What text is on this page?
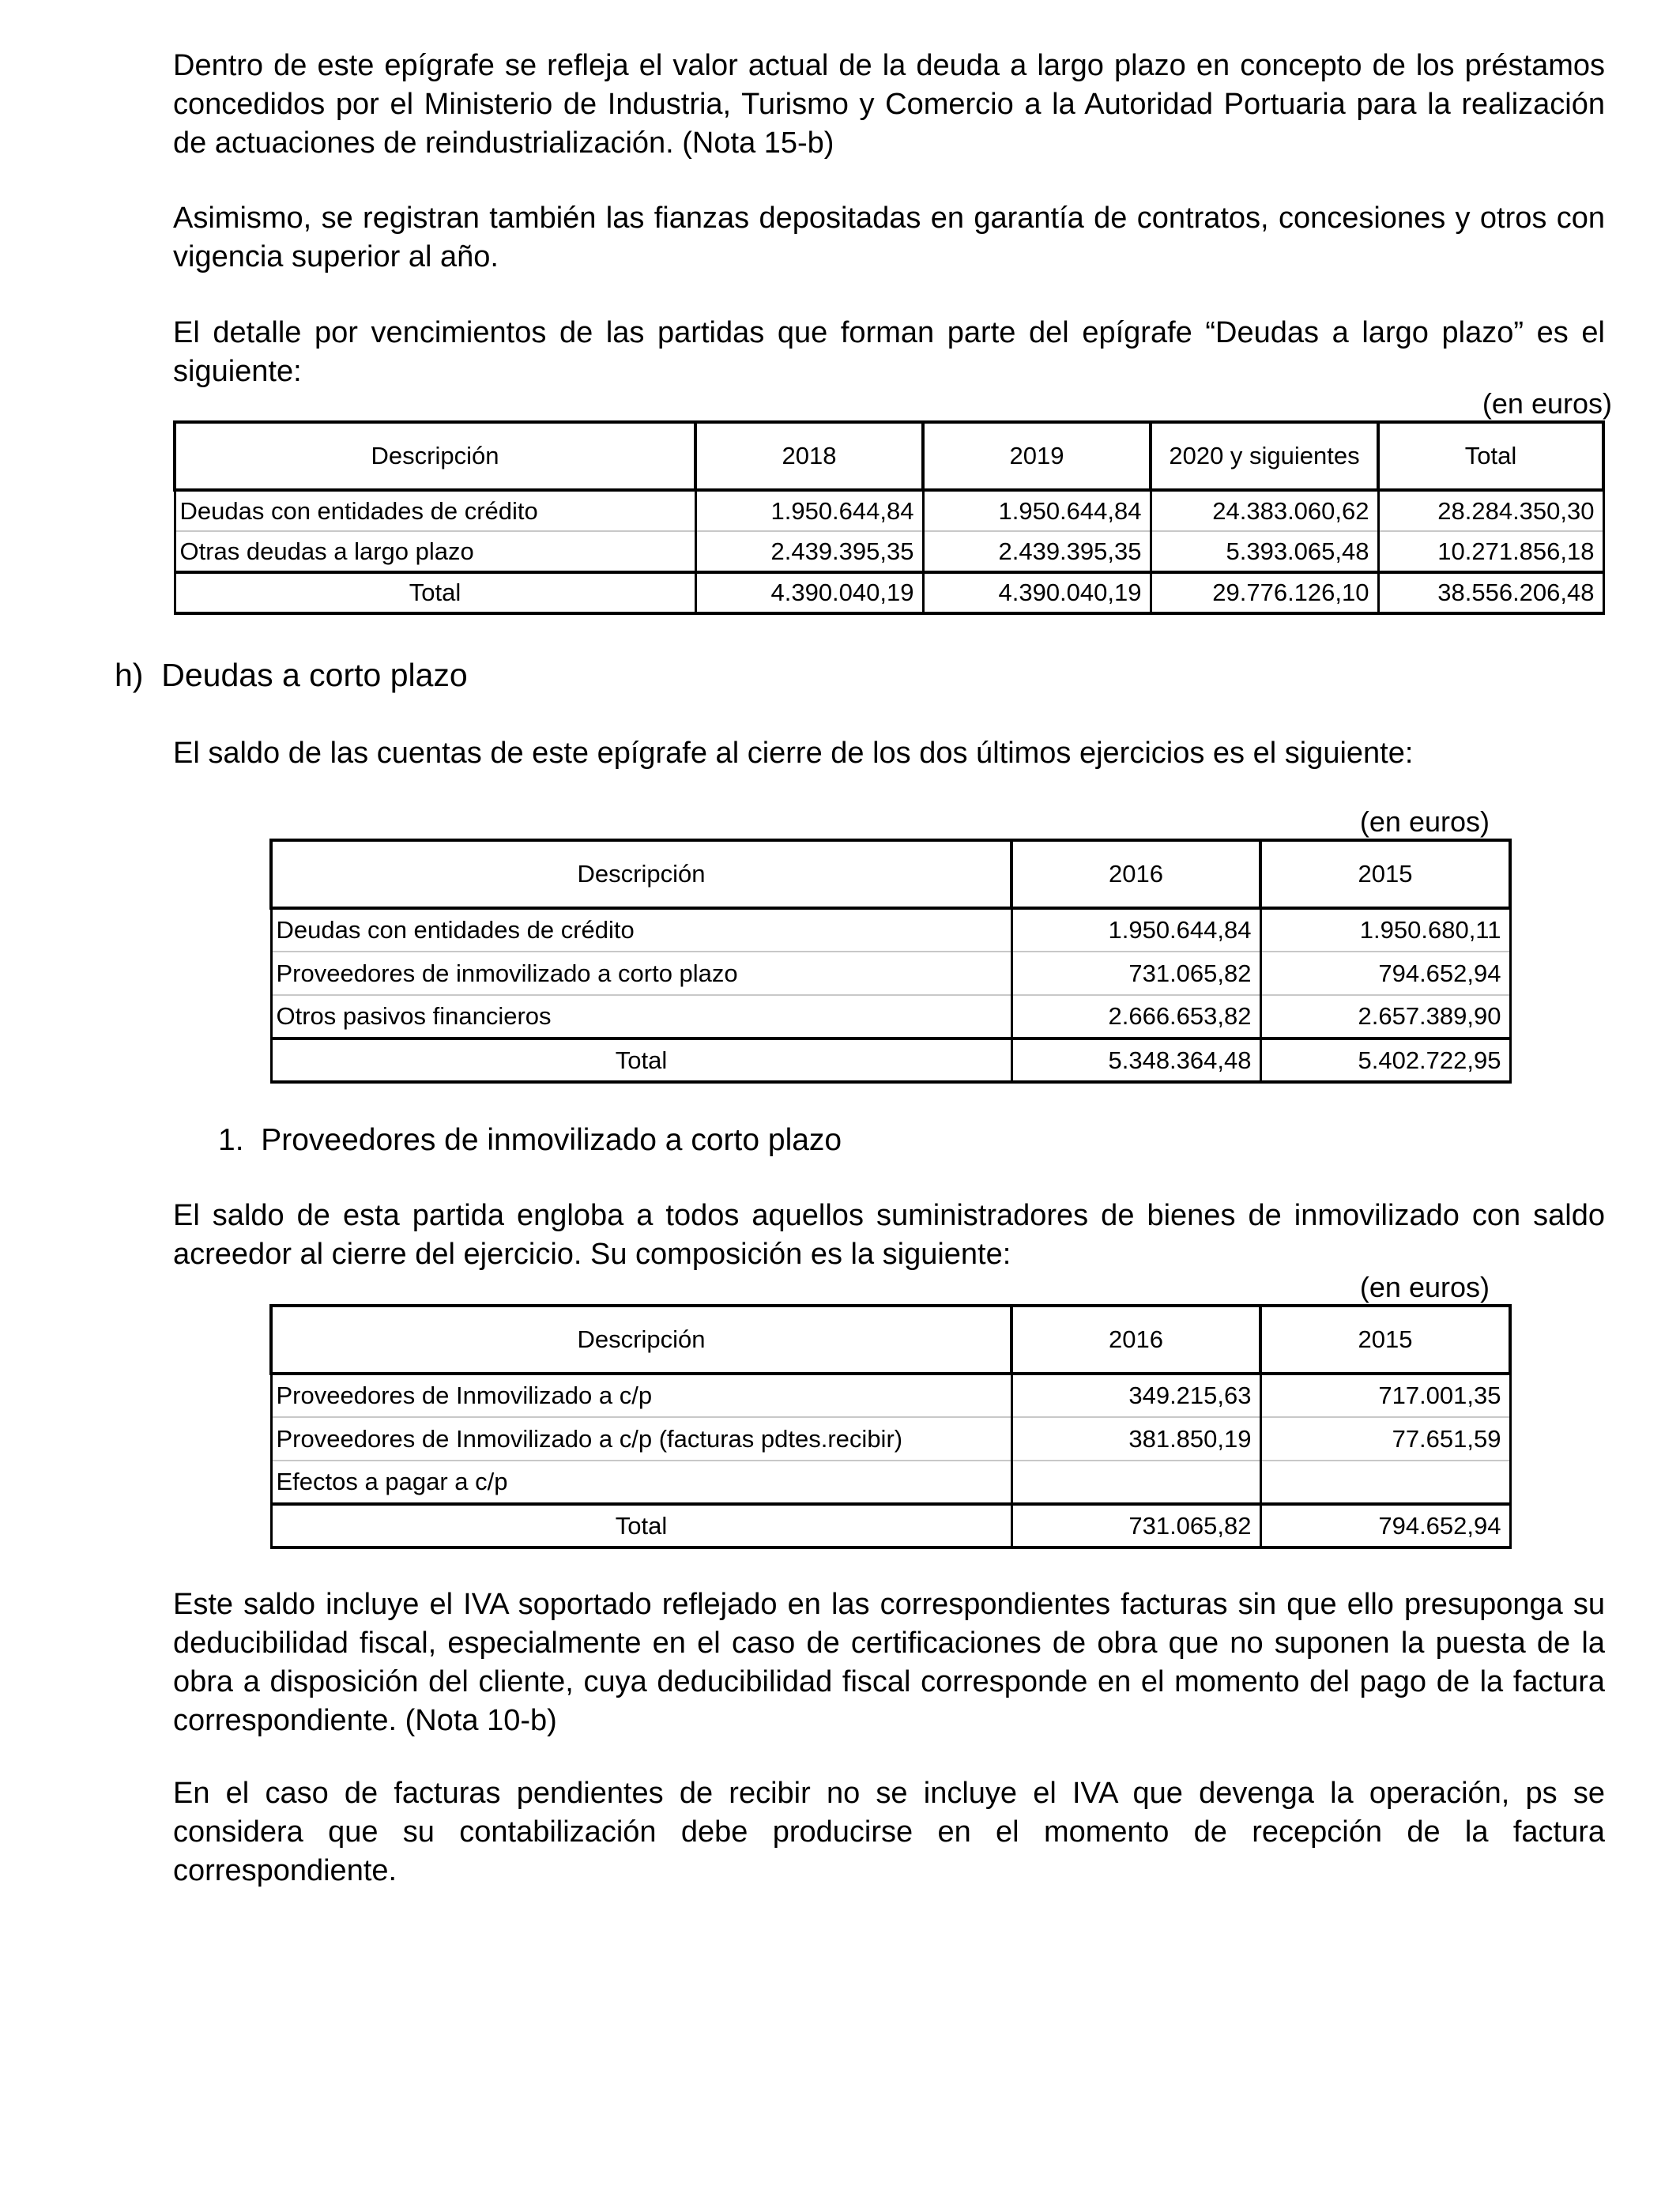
Dentro de este epígrafe se refleja el valor actual de la deuda a largo plazo en concepto de los préstamos concedidos por el Ministerio de Industria, Turismo y Comercio a la Autoridad Portuaria para la realización de actuaciones de reindustrialización. (Nota 15-b)

Asimismo, se registran también las fianzas depositadas en garantía de contratos, concesiones y otros con vigencia superior al año.

El detalle por vencimientos de las partidas que forman parte del epígrafe “Deudas a largo plazo” es el siguiente:

(en euros)
Descripción	2018	2019	2020 y siguientes	Total
Deudas con entidades de crédito	1.950.644,84	1.950.644,84	24.383.060,62	28.284.350,30
Otras deudas a largo plazo	2.439.395,35	2.439.395,35	5.393.065,48	10.271.856,18
Total	4.390.040,19	4.390.040,19	29.776.126,10	38.556.206,48
h) Deudas a corto plazo

El saldo de las cuentas de este epígrafe al cierre de los dos últimos ejercicios es el siguiente:

(en euros)
Descripción	2016	2015
Deudas con entidades de crédito	1.950.644,84	1.950.680,11
Proveedores de inmovilizado a corto plazo	731.065,82	794.652,94
Otros pasivos financieros	2.666.653,82	2.657.389,90
Total	5.348.364,48	5.402.722,95
1. Proveedores de inmovilizado a corto plazo

El saldo de esta partida engloba a todos aquellos suministradores de bienes de inmovilizado con saldo acreedor al cierre del ejercicio. Su composición es la siguiente:

(en euros)
Descripción	2016	2015
Proveedores de Inmovilizado a c/p	349.215,63	717.001,35
Proveedores de Inmovilizado a c/p (facturas pdtes.recibir)	381.850,19	77.651,59
Efectos a pagar a c/p		
Total	731.065,82	794.652,94

Este saldo incluye el IVA soportado reflejado en las correspondientes facturas sin que ello presuponga su deducibilidad fiscal, especialmente en el caso de certificaciones de obra que no suponen la puesta de la obra a disposición del cliente, cuya deducibilidad fiscal corresponde en el momento del pago de la factura correspondiente. (Nota 10-b)

En el caso de facturas pendientes de recibir no se incluye el IVA que devenga la operación, ps se considera que su contabilización debe producirse en el momento de recepción de la factura correspondiente.
